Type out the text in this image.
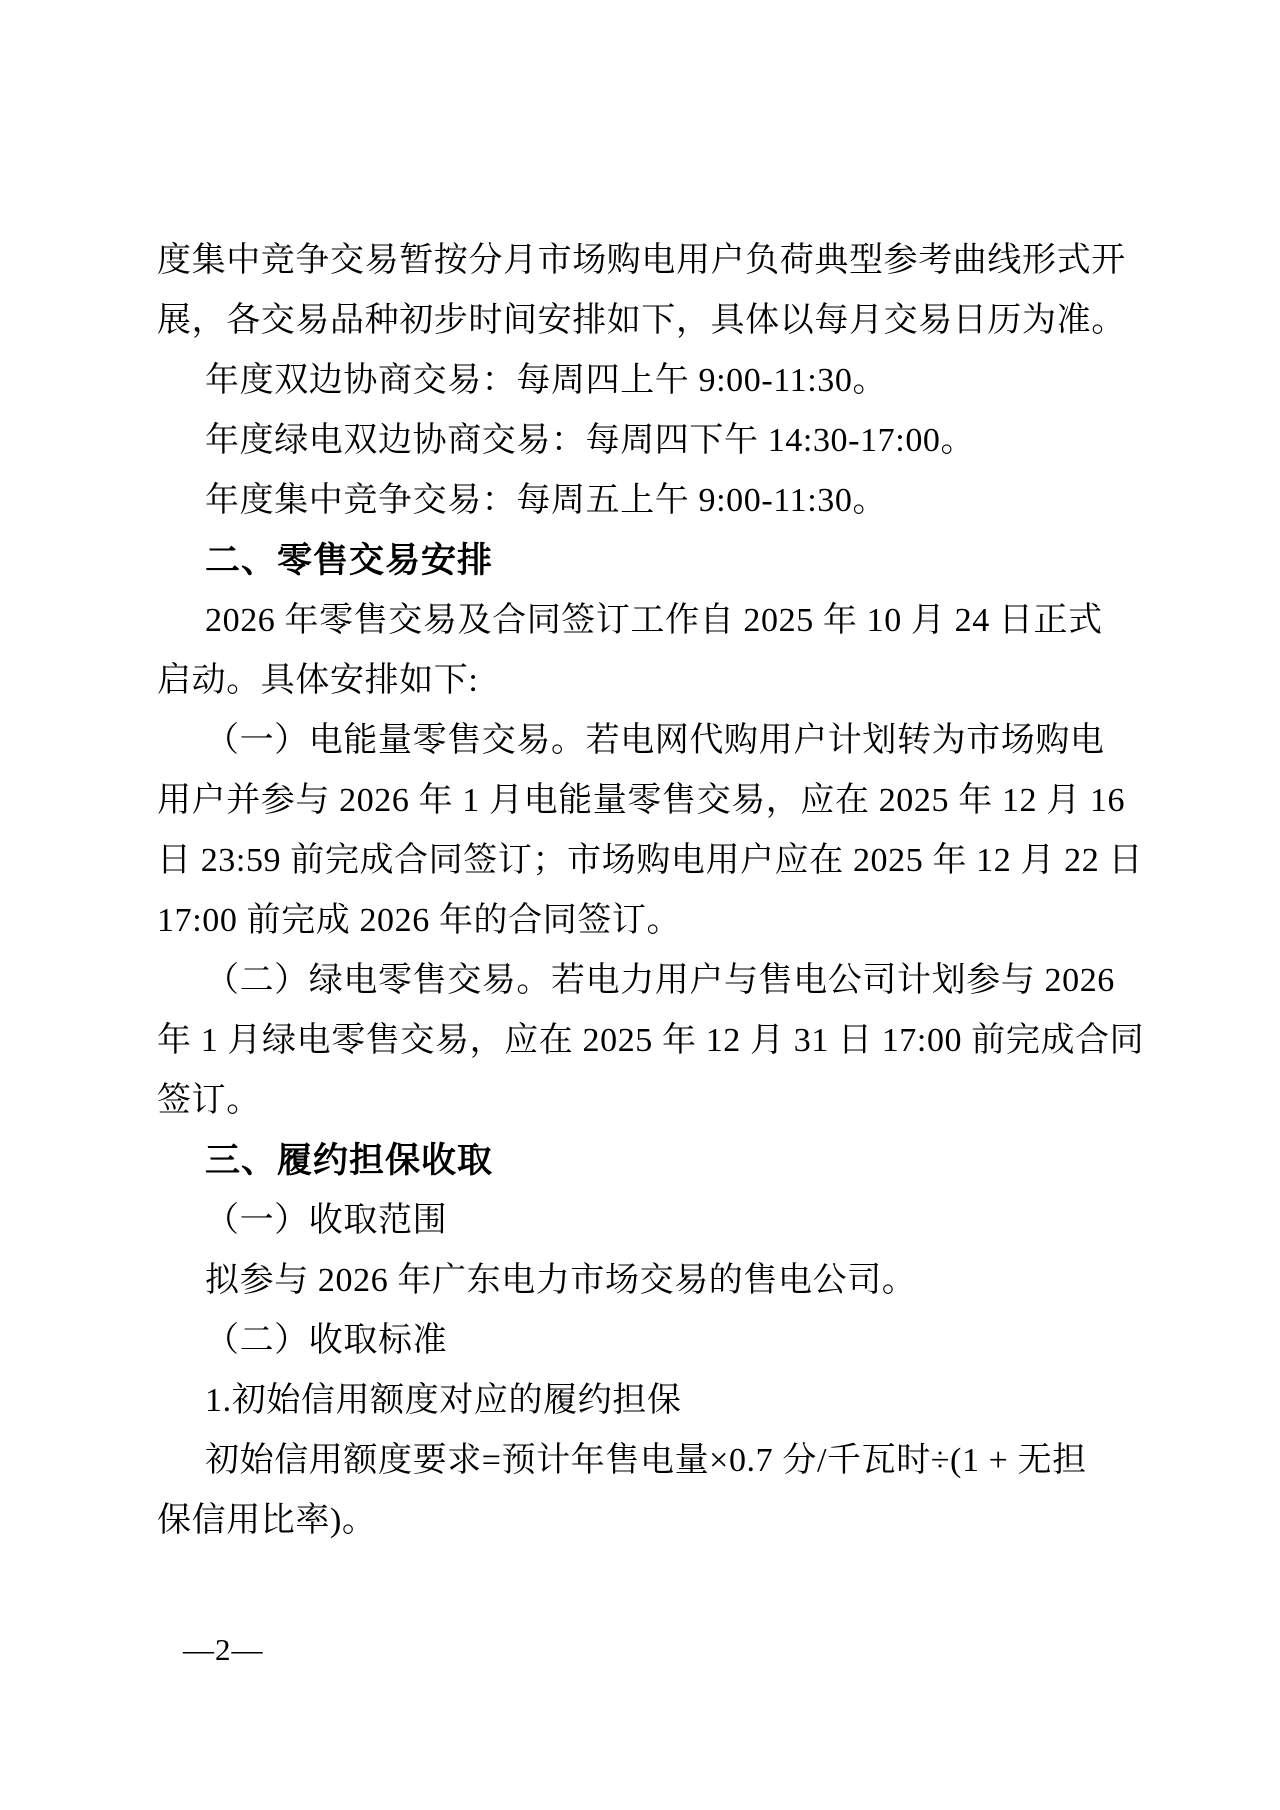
度集中竞争交易暂按分月市场购电用户负荷典型参考曲线形式开
展，各交易品种初步时间安排如下，具体以每月交易日历为准。
年度双边协商交易：每周四上午 9:00-11:30。
年度绿电双边协商交易：每周四下午 14:30-17:00。
年度集中竞争交易：每周五上午 9:00-11:30。
二、零售交易安排
2026 年零售交易及合同签订工作自 2025 年 10 月 24 日正式
启动。具体安排如下:
（一）电能量零售交易。若电网代购用户计划转为市场购电
用户并参与 2026 年 1 月电能量零售交易，应在 2025 年 12 月 16
日 23:59 前完成合同签订；市场购电用户应在 2025 年 12 月 22 日
17:00 前完成 2026 年的合同签订。
（二）绿电零售交易。若电力用户与售电公司计划参与 2026
年 1 月绿电零售交易，应在 2025 年 12 月 31 日 17:00 前完成合同
签订。
三、履约担保收取
（一）收取范围
拟参与 2026 年广东电力市场交易的售电公司。
（二）收取标准
1.初始信用额度对应的履约担保
初始信用额度要求=预计年售电量×0.7 分/千瓦时÷(1 + 无担
保信用比率)。
—2—
